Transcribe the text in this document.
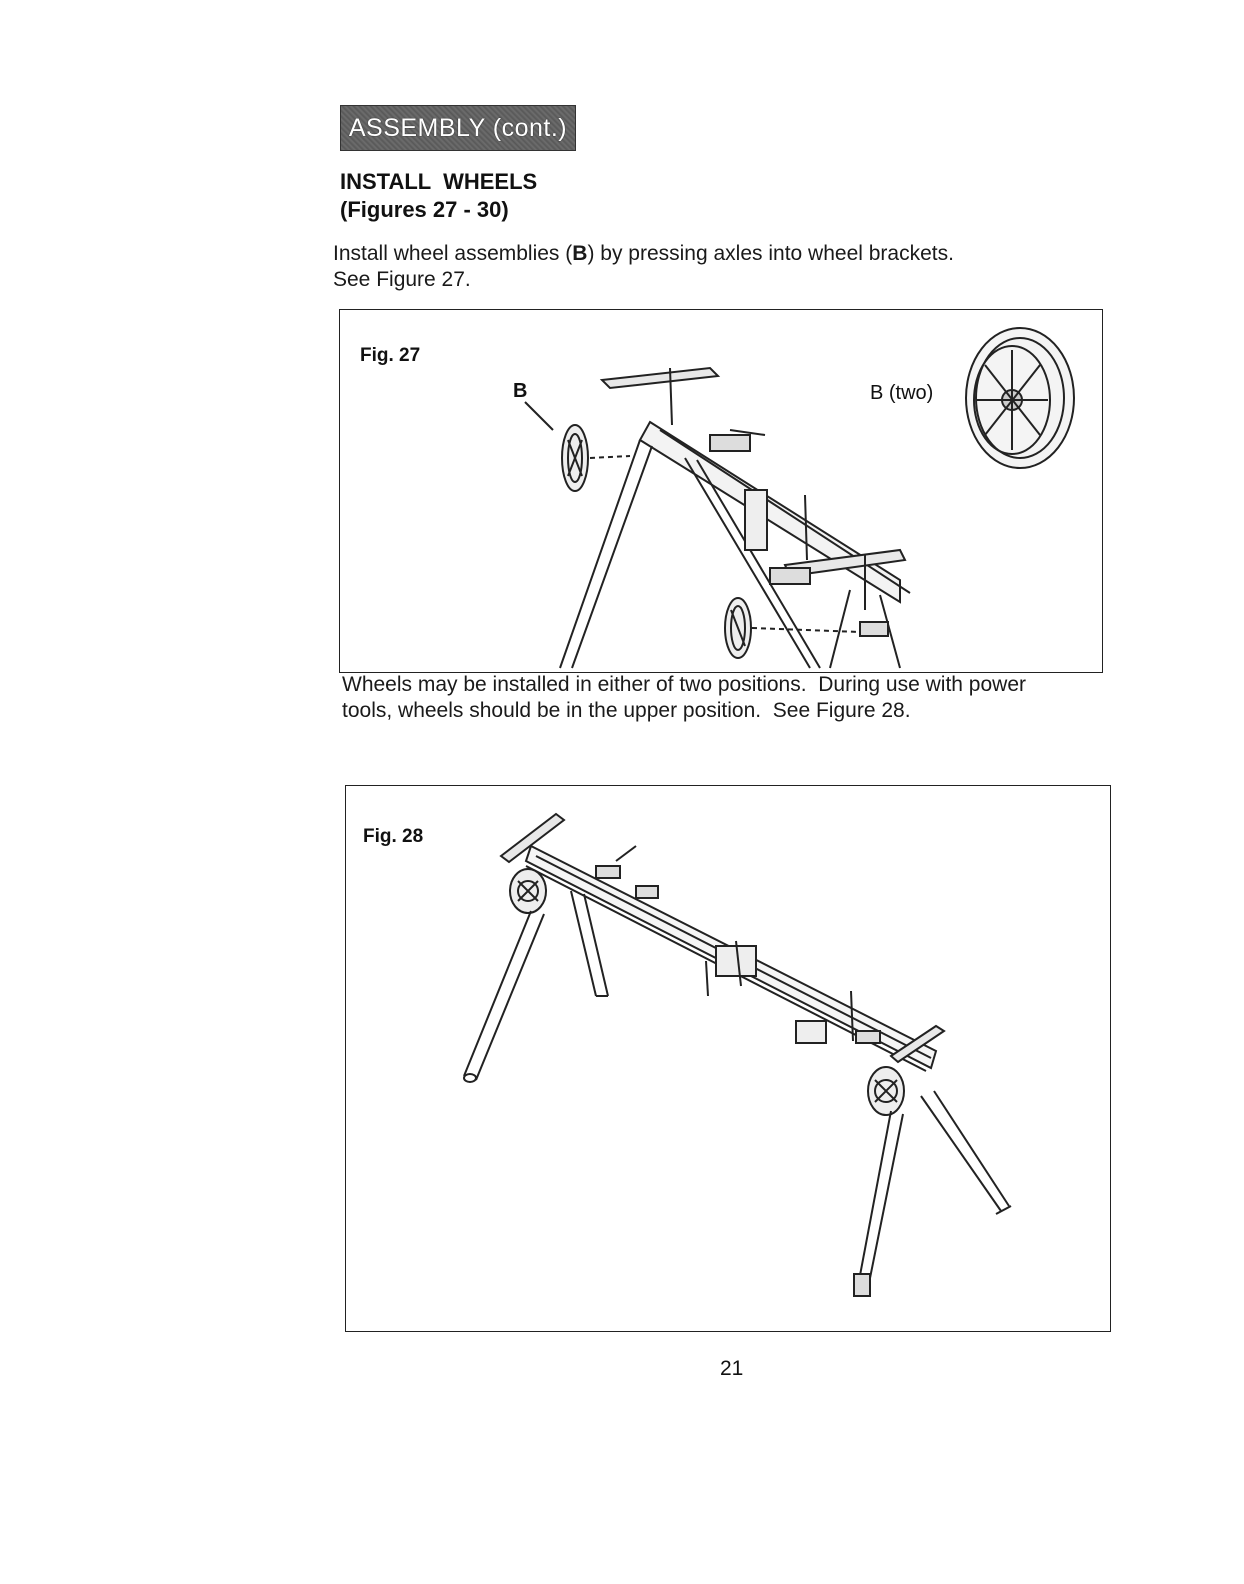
ASSEMBLY (cont.)
INSTALL  WHEELS
(Figures 27 - 30)
Install wheel assemblies (B) by pressing axles into wheel brackets.
See Figure 27.
Fig. 27
B	B (two)
Wheels may be installed in either of two positions.  During use with power
tools, wheels should be in the upper position.  See Figure 28.
Fig. 28
21
